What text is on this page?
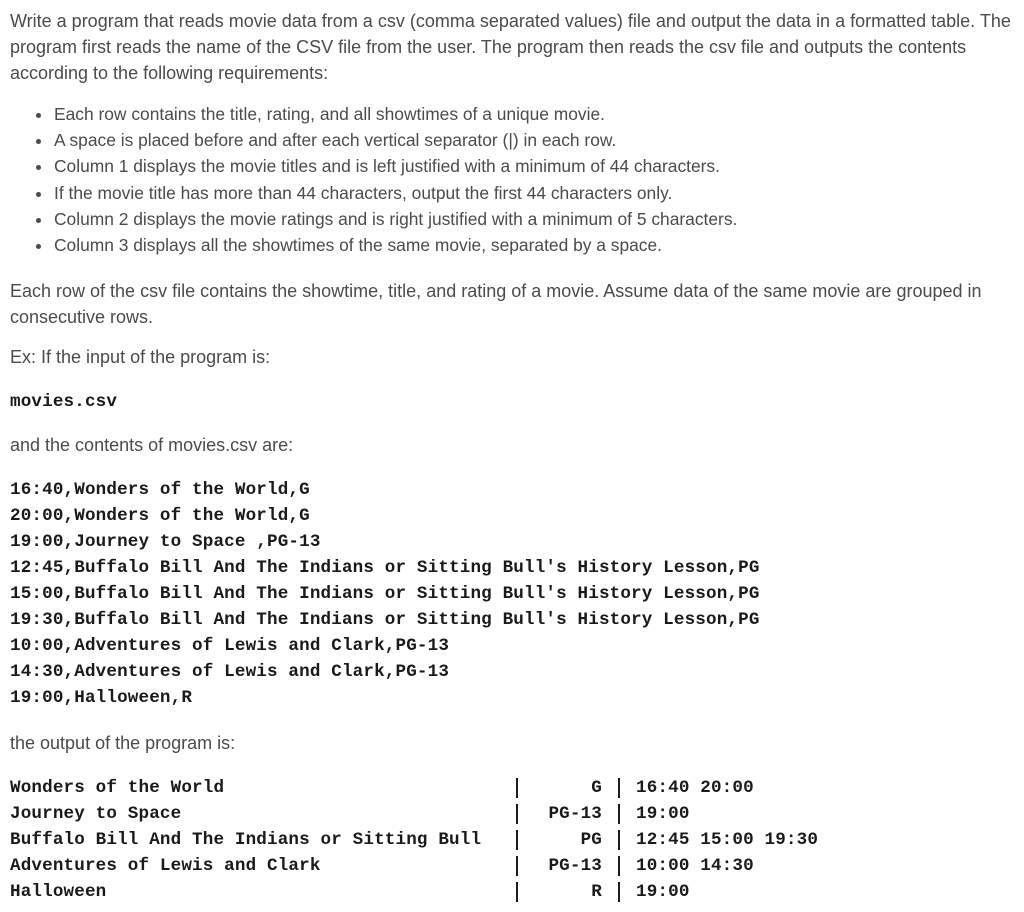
Write a program that reads movie data from a csv (comma separated values) file and output the data in a formatted table. The program first reads the name of the CSV file from the user. The program then reads the csv file and outputs the contents according to the following requirements:

• Each row contains the title, rating, and all showtimes of a unique movie.
• A space is placed before and after each vertical separator (|) in each row.
• Column 1 displays the movie titles and is left justified with a minimum of 44 characters.
• If the movie title has more than 44 characters, output the first 44 characters only.
• Column 2 displays the movie ratings and is right justified with a minimum of 5 characters.
• Column 3 displays all the showtimes of the same movie, separated by a space.

Each row of the csv file contains the showtime, title, and rating of a movie. Assume data of the same movie are grouped in consecutive rows.

Ex: If the input of the program is:

movies.csv

and the contents of movies.csv are:

16:40,Wonders of the World,G
20:00,Wonders of the World,G
19:00,Journey to Space ,PG-13
12:45,Buffalo Bill And The Indians or Sitting Bull's History Lesson,PG
15:00,Buffalo Bill And The Indians or Sitting Bull's History Lesson,PG
19:30,Buffalo Bill And The Indians or Sitting Bull's History Lesson,PG
10:00,Adventures of Lewis and Clark,PG-13
14:30,Adventures of Lewis and Clark,PG-13
19:00,Halloween,R

the output of the program is:

Wonders of the World	G 16:40 20:00
Journey to Space	PG-13 19:00
Buffalo Bill And The Indians or Sitting Bull	PG 12:45 15:00 19:30
Adventures of Lewis and Clark	PG-13 10:00 14:30
Halloween	R 19:00
